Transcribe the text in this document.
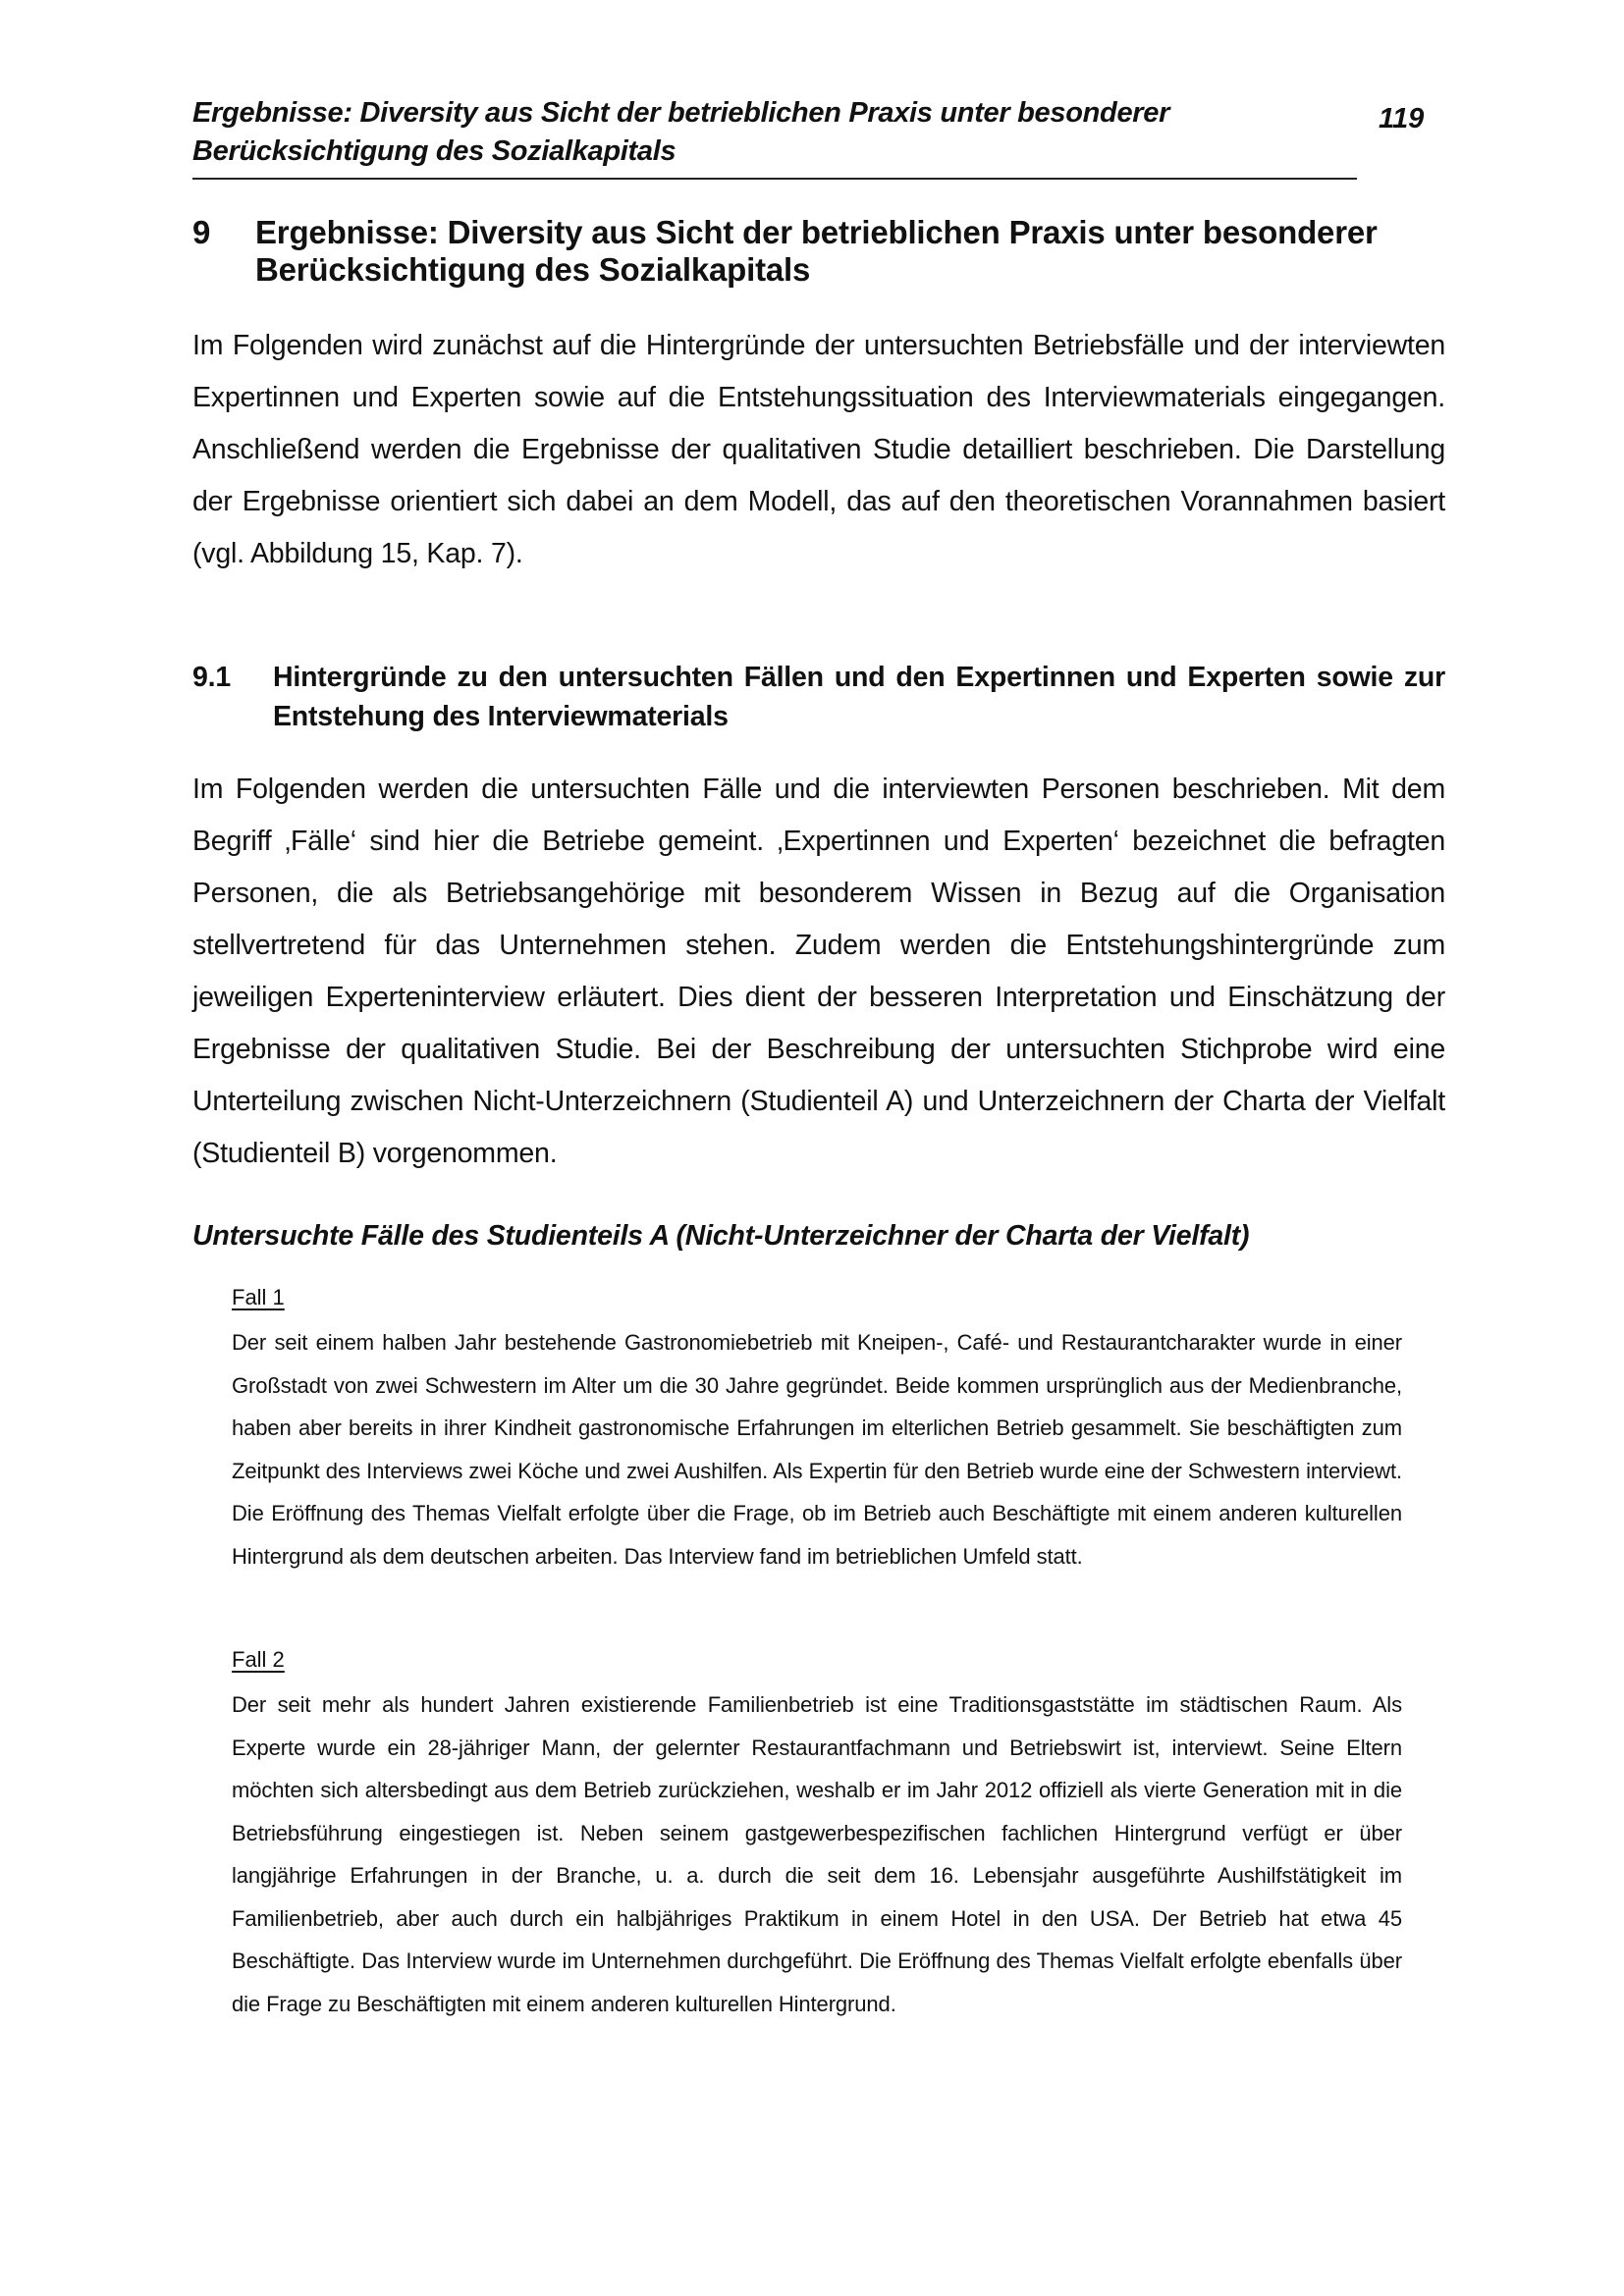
Ergebnisse: Diversity aus Sicht der betrieblichen Praxis unter besonderer Berücksichtigung des Sozialkapitals
119
9 Ergebnisse: Diversity aus Sicht der betrieblichen Praxis unter besonderer Berücksichtigung des Sozialkapitals

Im Folgenden wird zunächst auf die Hintergründe der untersuchten Betriebsfälle und der interviewten Expertinnen und Experten sowie auf die Entstehungssituation des Interviewmaterials eingegangen. Anschließend werden die Ergebnisse der qualitativen Studie detailliert beschrieben. Die Darstellung der Ergebnisse orientiert sich dabei an dem Modell, das auf den theoretischen Vorannahmen basiert (vgl. Abbildung 15, Kap. 7).

9.1 Hintergründe zu den untersuchten Fällen und den Expertinnen und Experten sowie zur Entstehung des Interviewmaterials

Im Folgenden werden die untersuchten Fälle und die interviewten Personen beschrieben. Mit dem Begriff ‚Fälle‘ sind hier die Betriebe gemeint. ‚Expertinnen und Experten‘ bezeichnet die befragten Personen, die als Betriebsangehörige mit besonderem Wissen in Bezug auf die Organisation stellvertretend für das Unternehmen stehen. Zudem werden die Entstehungshintergründe zum jeweiligen Experteninterview erläutert. Dies dient der besseren Interpretation und Einschätzung der Ergebnisse der qualitativen Studie. Bei der Beschreibung der untersuchten Stichprobe wird eine Unterteilung zwischen Nicht-Unterzeichnern (Studienteil A) und Unterzeichnern der Charta der Vielfalt (Studienteil B) vorgenommen.

Untersuchte Fälle des Studienteils A (Nicht-Unterzeichner der Charta der Vielfalt)
Fall 1
Der seit einem halben Jahr bestehende Gastronomiebetrieb mit Kneipen-, Café- und Restaurantcharakter wurde in einer Großstadt von zwei Schwestern im Alter um die 30 Jahre gegründet. Beide kommen ursprünglich aus der Medienbranche, haben aber bereits in ihrer Kindheit gastronomische Erfahrungen im elterlichen Betrieb gesammelt. Sie beschäftigten zum Zeitpunkt des Interviews zwei Köche und zwei Aushilfen. Als Expertin für den Betrieb wurde eine der Schwestern interviewt. Die Eröffnung des Themas Vielfalt erfolgte über die Frage, ob im Betrieb auch Beschäftigte mit einem anderen kulturellen Hintergrund als dem deutschen arbeiten. Das Interview fand im betrieblichen Umfeld statt.
Fall 2
Der seit mehr als hundert Jahren existierende Familienbetrieb ist eine Traditionsgaststätte im städtischen Raum. Als Experte wurde ein 28-jähriger Mann, der gelernter Restaurantfachmann und Betriebswirt ist, interviewt. Seine Eltern möchten sich altersbedingt aus dem Betrieb zurückziehen, weshalb er im Jahr 2012 offiziell als vierte Generation mit in die Betriebsführung eingestiegen ist. Neben seinem gastgewerbespezifischen fachlichen Hintergrund verfügt er über langjährige Erfahrungen in der Branche, u. a. durch die seit dem 16. Lebensjahr ausgeführte Aushilfstätigkeit im Familienbetrieb, aber auch durch ein halbjähriges Praktikum in einem Hotel in den USA. Der Betrieb hat etwa 45 Beschäftigte. Das Interview wurde im Unternehmen durchgeführt. Die Eröffnung des Themas Vielfalt erfolgte ebenfalls über die Frage zu Beschäftigten mit einem anderen kulturellen Hintergrund.
